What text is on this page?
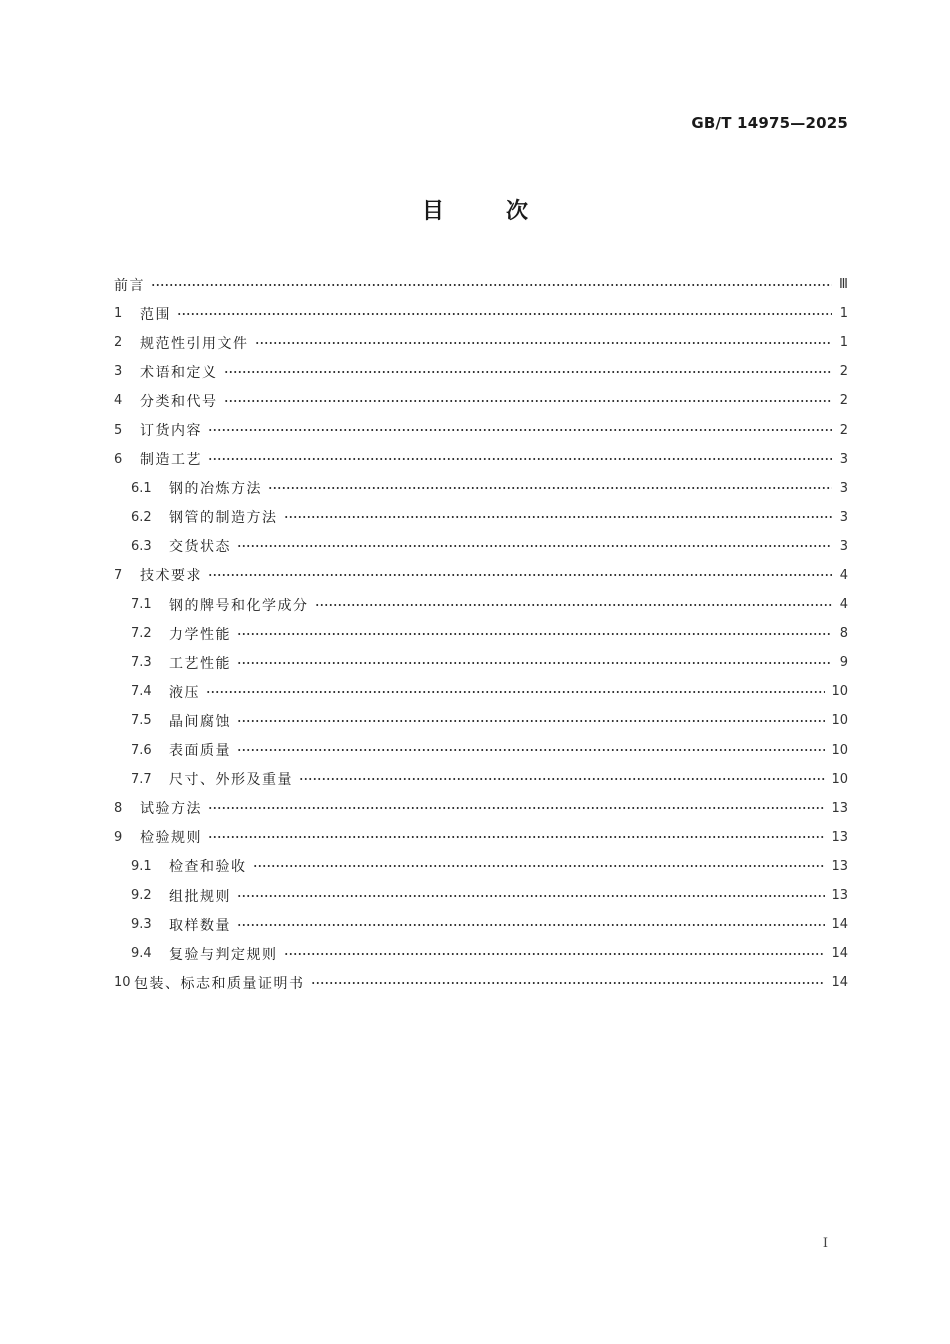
GB/T 14975—2025
目次
前言	Ⅲ
1	范围	1
2	规范性引用文件	1
3	术语和定义	2
4	分类和代号	2
5	订货内容	2
6	制造工艺	3
6.1	钢的冶炼方法	3
6.2	钢管的制造方法	3
6.3	交货状态	3
7	技术要求	4
7.1	钢的牌号和化学成分	4
7.2	力学性能	8
7.3	工艺性能	9
7.4	液压	10
7.5	晶间腐蚀	10
7.6	表面质量	10
7.7	尺寸、外形及重量	10
8	试验方法	13
9	检验规则	13
9.1	检查和验收	13
9.2	组批规则	13
9.3	取样数量	14
9.4	复验与判定规则	14
10 包装、标志和质量证明书	14
I
